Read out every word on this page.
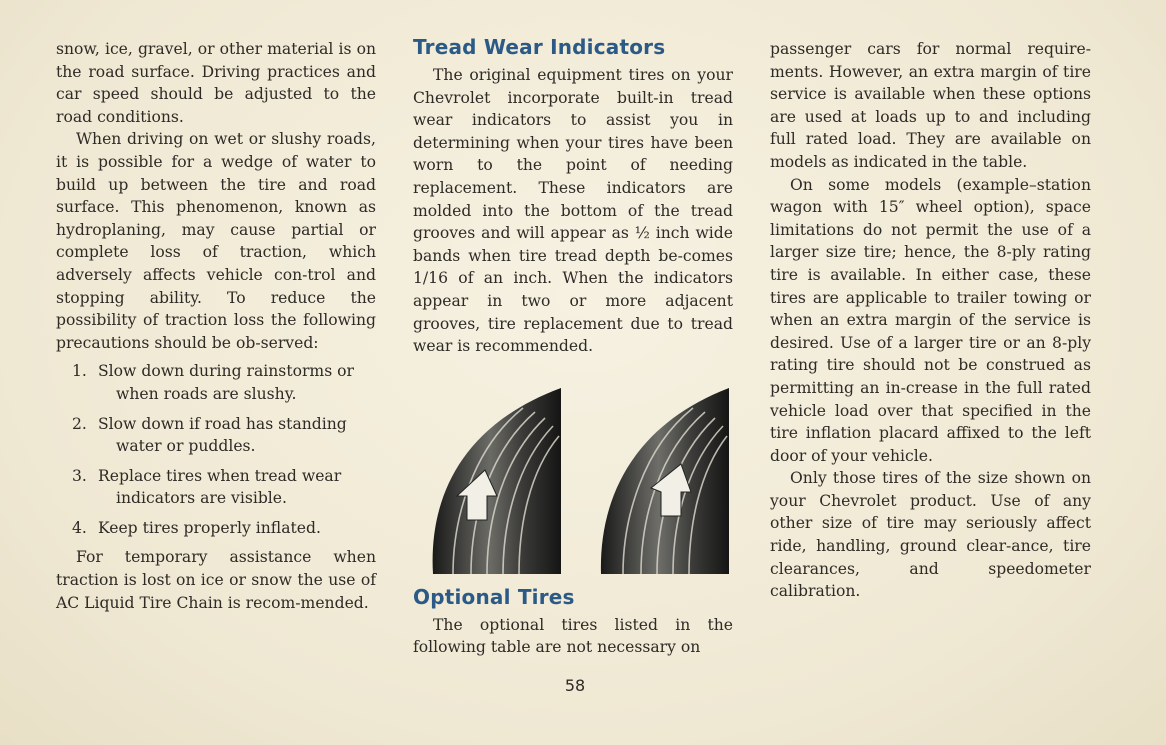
snow, ice, gravel, or other material is on the road surface. Driving practices and car speed should be adjusted to the road conditions.

When driving on wet or slushy roads, it is possible for a wedge of water to build up between the tire and road surface. This phenomenon, known as hydroplaning, may cause partial or complete loss of traction, which adversely affects vehicle con-trol and stopping ability. To reduce the possibility of traction loss the following precautions should be ob-served:

1. Slow down during rainstorms or when roads are slushy.
2. Slow down if road has standing water or puddles.
3. Replace tires when tread wear indicators are visible.
4. Keep tires properly inflated.

For temporary assistance when traction is lost on ice or snow the use of AC Liquid Tire Chain is recom-mended.

Tread Wear Indicators

The original equipment tires on your Chevrolet incorporate built-in tread wear indicators to assist you in determining when your tires have been worn to the point of needing replacement. These indicators are molded into the bottom of the tread grooves and will appear as ½ inch wide bands when tire tread depth be-comes 1/16 of an inch. When the indicators appear in two or more adjacent grooves, tire replacement due to tread wear is recommended.

Optional Tires

The optional tires listed in the following table are not necessary on

passenger cars for normal require-ments. However, an extra margin of tire service is available when these options are used at loads up to and including full rated load. They are available on models as indicated in the table.

On some models (example–station wagon with 15″ wheel option), space limitations do not permit the use of a larger size tire; hence, the 8-ply rating tire is available. In either case, these tires are applicable to trailer towing or when an extra margin of the service is desired. Use of a larger tire or an 8-ply rating tire should not be construed as permitting an in-crease in the full rated vehicle load over that specified in the tire inflation placard affixed to the left door of your vehicle.

Only those tires of the size shown on your Chevrolet product. Use of any other size of tire may seriously affect ride, handling, ground clear-ance, tire clearances, and speedometer calibration.

58
